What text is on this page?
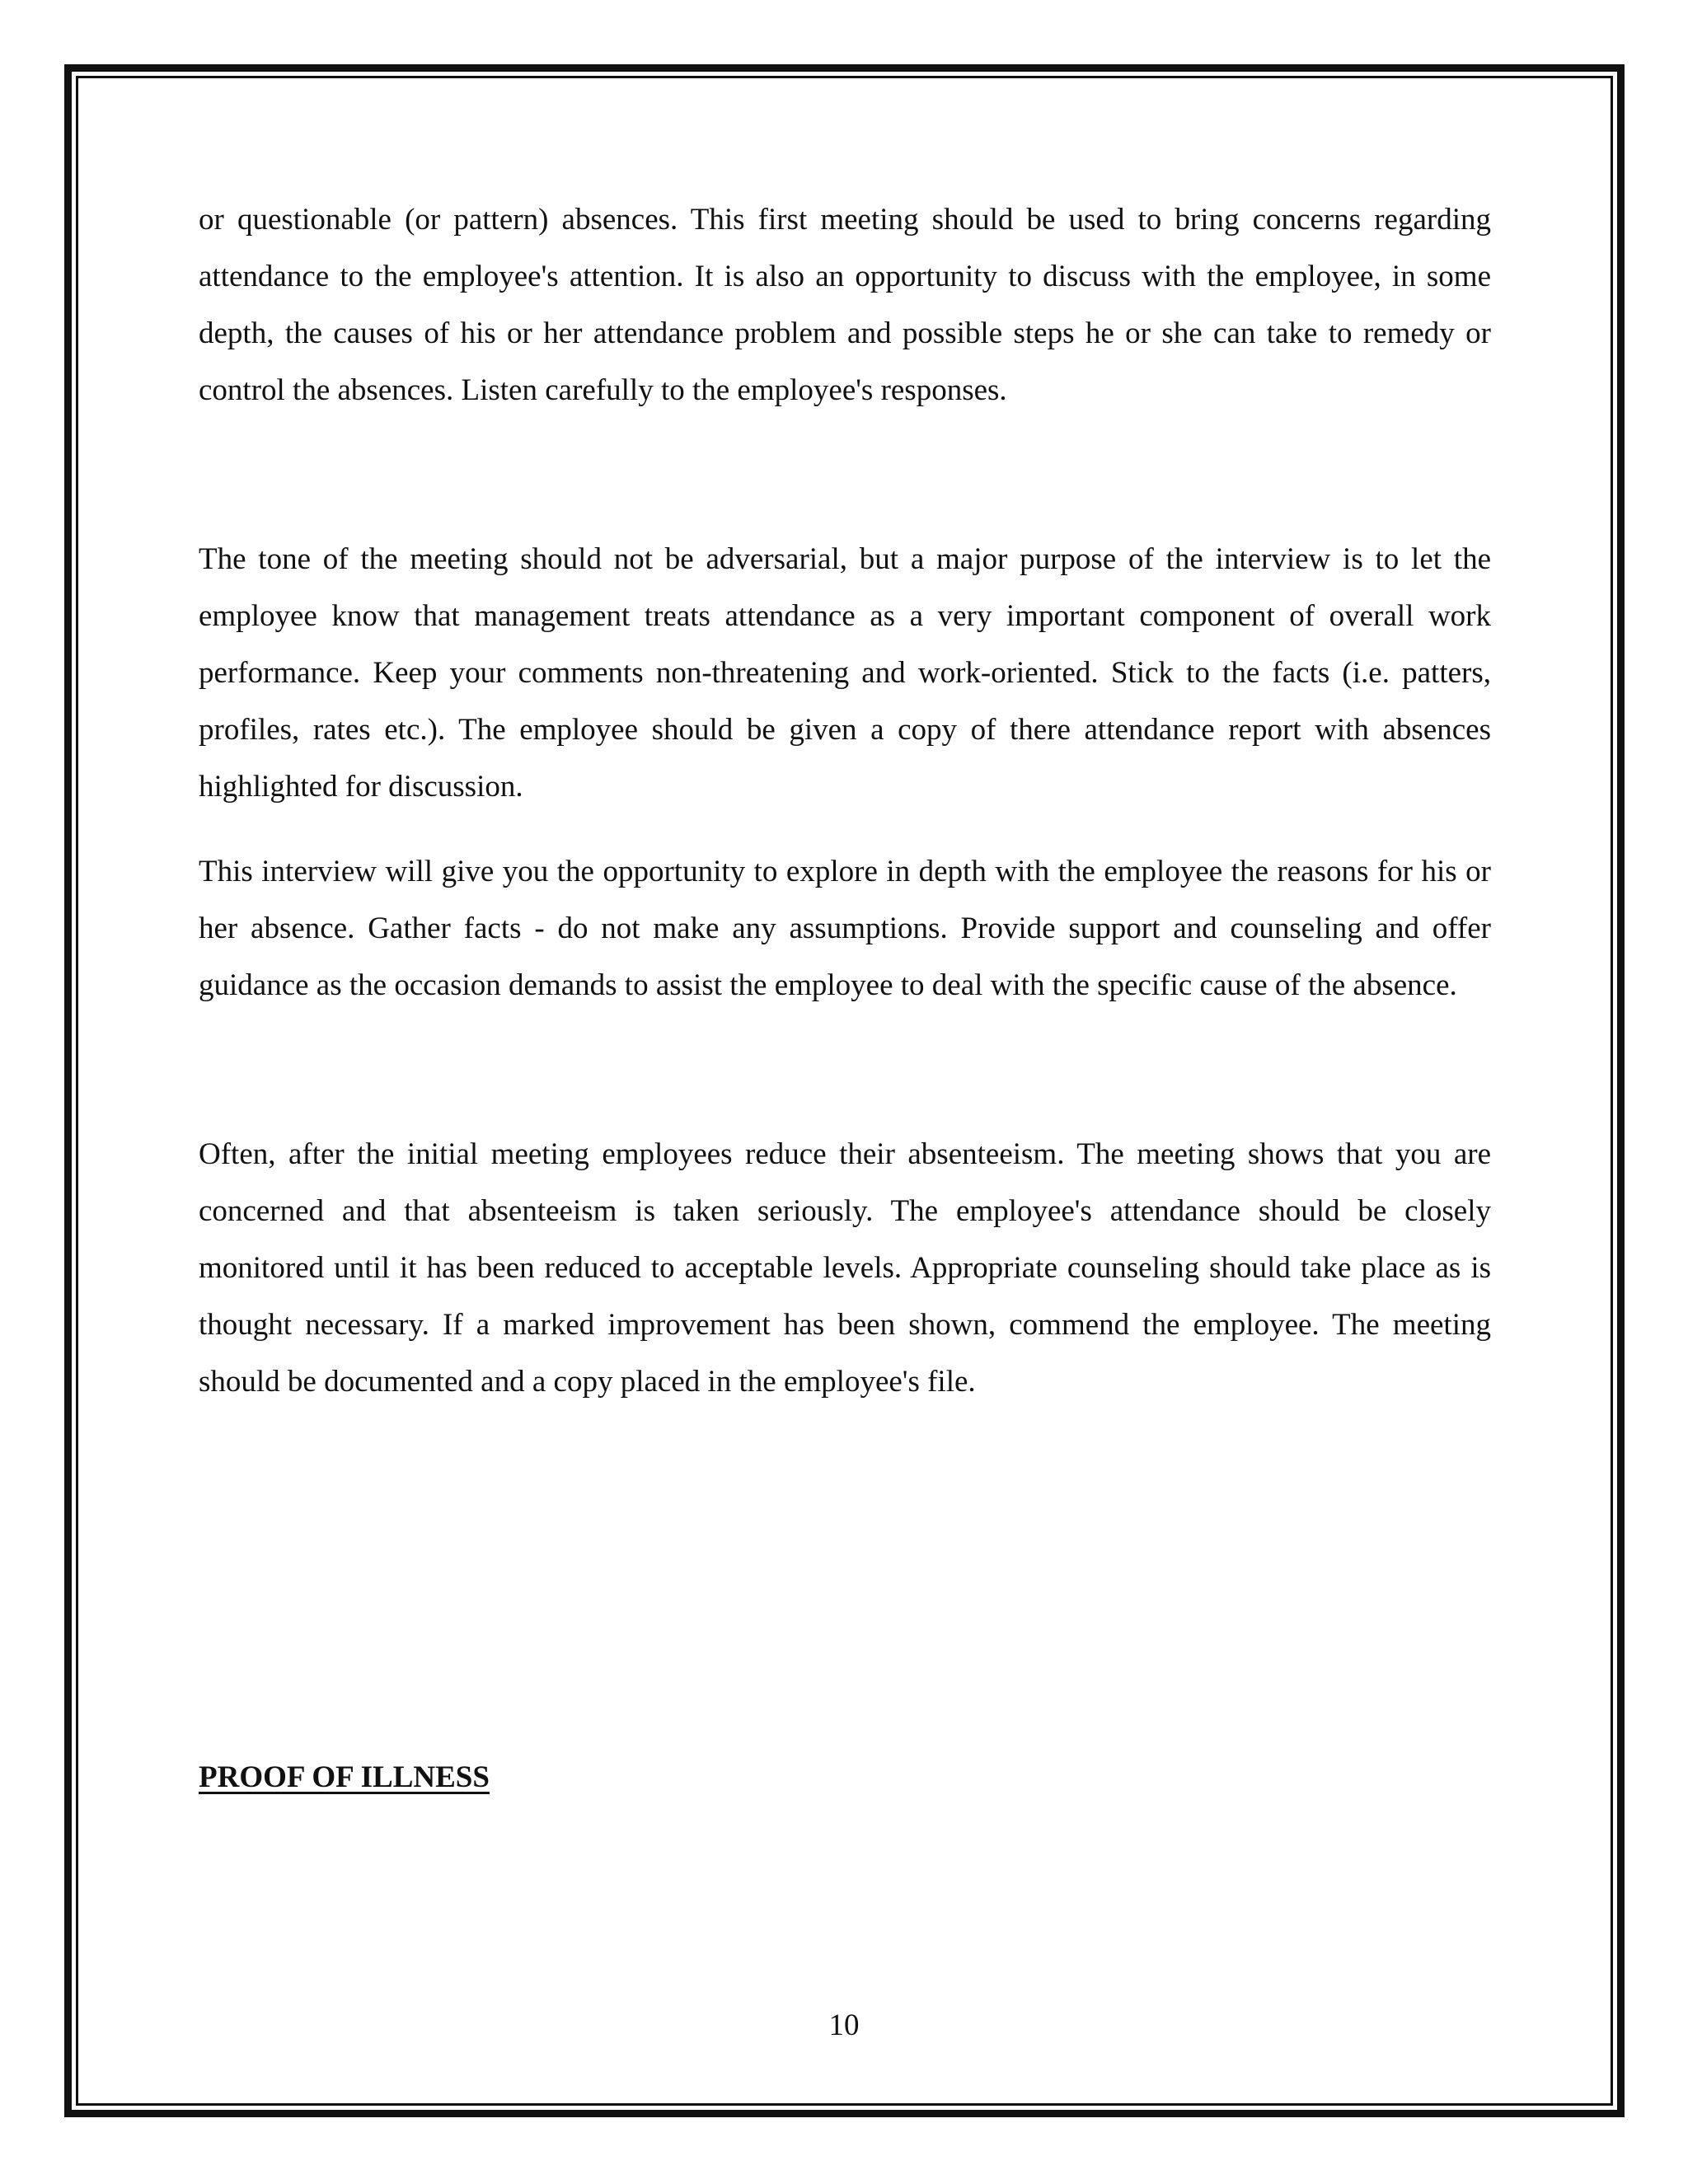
or questionable (or pattern) absences. This first meeting should be used to bring concerns regarding attendance to the employee's attention. It is also an opportunity to discuss with the employee, in some depth, the causes of his or her attendance problem and possible steps he or she can take to remedy or control the absences. Listen carefully to the employee's responses.

The tone of the meeting should not be adversarial, but a major purpose of the interview is to let the employee know that management treats attendance as a very important component of overall work performance. Keep your comments non-threatening and work-oriented. Stick to the facts (i.e. patters, profiles, rates etc.). The employee should be given a copy of there attendance report with absences highlighted for discussion.

This interview will give you the opportunity to explore in depth with the employee the reasons for his or her absence. Gather facts - do not make any assumptions. Provide support and counseling and offer guidance as the occasion demands to assist the employee to deal with the specific cause of the absence.

Often, after the initial meeting employees reduce their absenteeism. The meeting shows that you are concerned and that absenteeism is taken seriously. The employee's attendance should be closely monitored until it has been reduced to acceptable levels. Appropriate counseling should take place as is thought necessary. If a marked improvement has been shown, commend the employee. The meeting should be documented and a copy placed in the employee's file.

PROOF OF ILLNESS
10
